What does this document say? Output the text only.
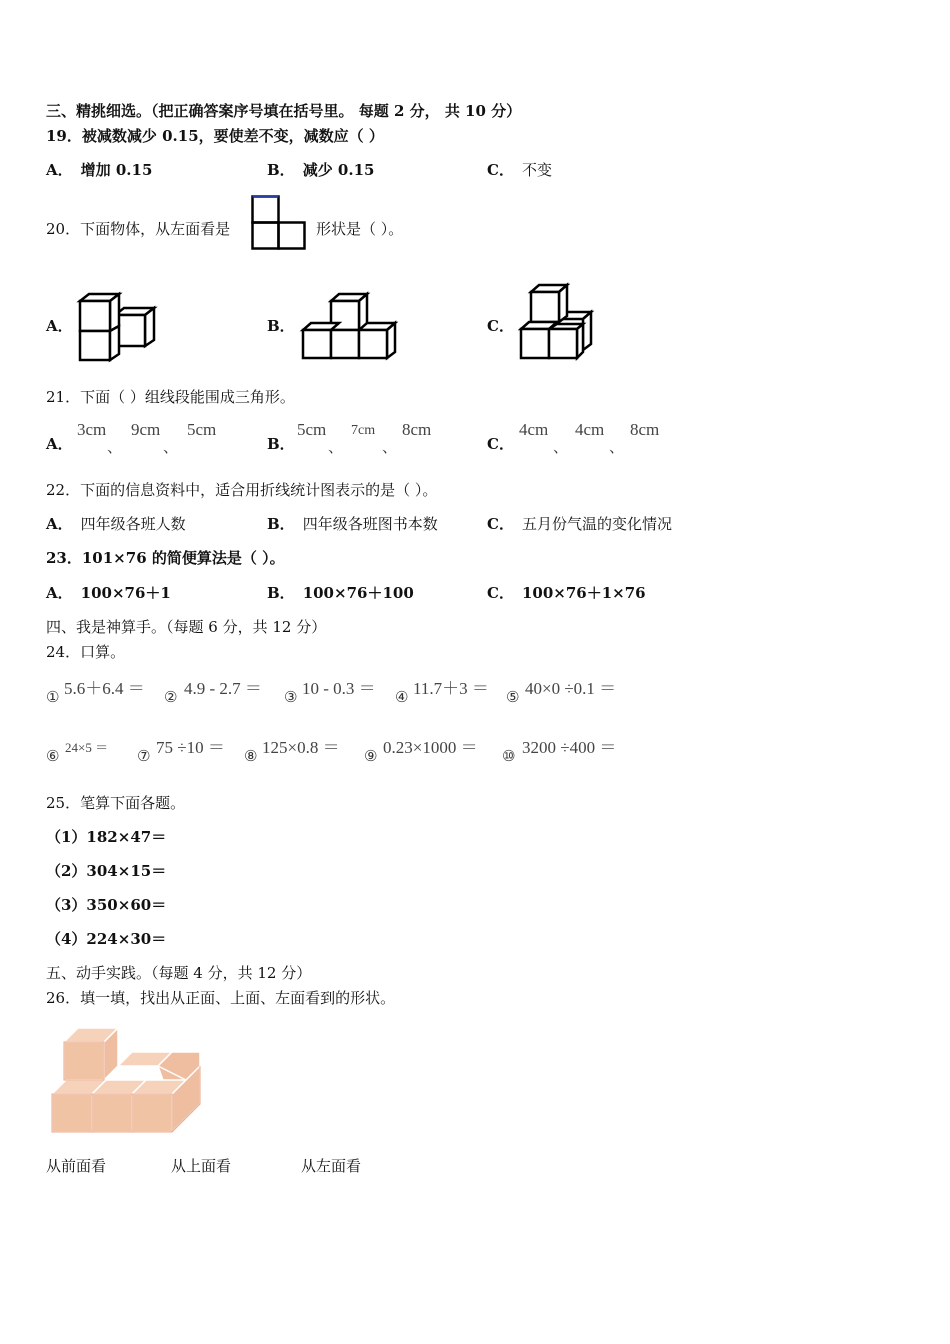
三、精挑细选。（把正确答案序号填在括号里。 每题 2 分， 共 10 分）
19．被减数减少 0.15，要使差不变，减数应（ ）
A． 增加 0.15	B． 减少 0.15	C． 不变
20．下面物体，从左面看是	形状是（ ）。
A．	B．	C．
21．下面（ ）组线段能围成三角形。
A．
3cm
、
9cm
、
5cm
B．
5cm
、
7cm
、
8cm
C．
4cm
、
4cm
、
8cm
22．下面的信息资料中，适合用折线统计图表示的是（ ）。
A． 四年级各班人数	B． 四年级各班图书本数	C． 五月份气温的变化情况
23．101×76 的简便算法是（ ）。
A． 100×76＋1	B． 100×76＋100	C． 100×76＋1×76
四、我是神算手。（每题 6 分，共 12 分）
24．口算。
① 5.6＋6.4 ＝ ② 4.9 - 2.7 ＝ ③ 10 - 0.3 ＝ ④ 11.7＋3 ＝ ⑤ 40×0 ÷0.1 ＝
⑥ 24×5 ＝ ⑦ 75 ÷10 ＝ ⑧ 125×0.8 ＝ ⑨ 0.23×1000 ＝ ⑩ 3200 ÷400 ＝
25．笔算下面各题。
（1）182×47＝
（2）304×15＝
（3）350×60＝
（4）224×30＝
五、动手实践。（每题 4 分，共 12 分）
26．填一填，找出从正面、上面、左面看到的形状。
从前面看	从上面看	从左面看
